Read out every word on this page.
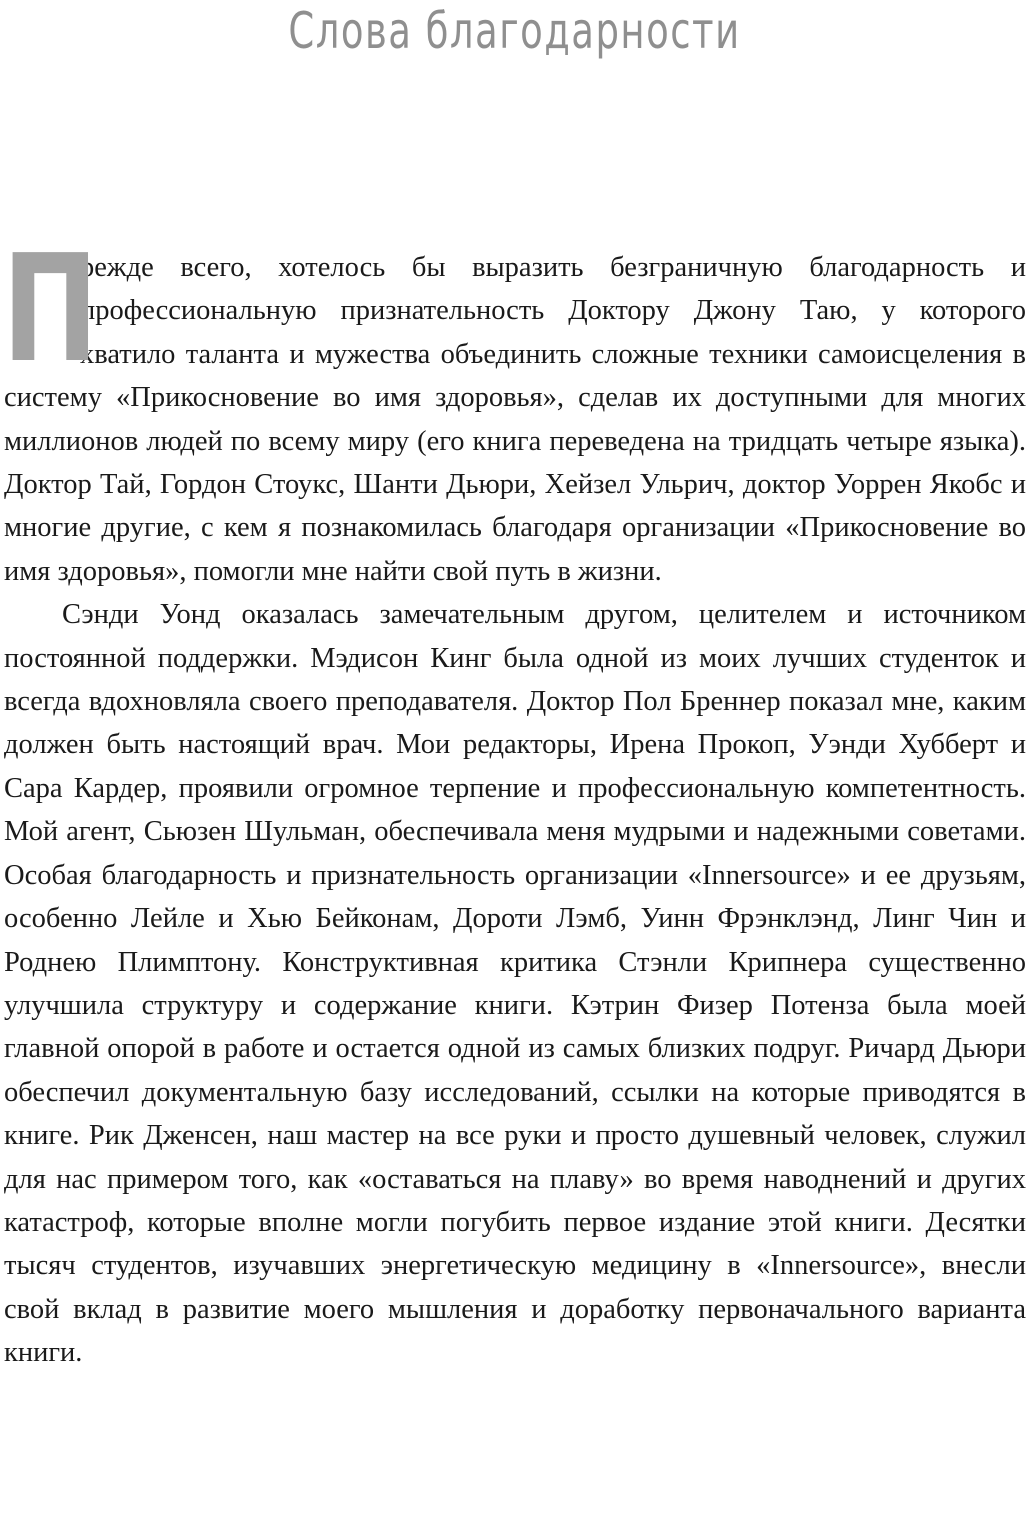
Слова благодарности

П
режде всего, хотелось бы выразить безграничную благодарность и профессиональную признательность Доктору Джону Таю, у которого хватило таланта и мужества объединить сложные техники самоисцеления в систему «Прикосновение во имя здоровья», сделав их доступными для многих миллионов людей по всему миру (его книга переведена на тридцать четыре языка). Доктор Тай, Гордон Стоукс, Шанти Дьюри, Хейзел Ульрич, доктор Уоррен Якобс и многие другие, с кем я познакомилась благодаря организации «Прикосновение во имя здоровья», помогли мне найти свой путь в жизни.

Сэнди Уонд оказалась замечательным другом, целителем и источником постоянной поддержки. Мэдисон Кинг была одной из моих лучших студенток и всегда вдохновляла своего преподавателя. Доктор Пол Бреннер показал мне, каким должен быть настоящий врач. Мои редакторы, Ирена Прокоп, Уэнди Хубберт и Сара Кардер, проявили огромное терпение и профессиональную компетентность. Мой агент, Сьюзен Шульман, обеспечивала меня мудрыми и надежными советами. Особая благодарность и признательность организации «Innersource» и ее друзьям, особенно Лейле и Хью Бейконам, Дороти Лэмб, Уинн Фрэнклэнд, Линг Чин и Роднею Плимптону. Конструктивная критика Стэнли Крипнера существенно улучшила структуру и содержание книги. Кэтрин Физер Потенза была моей главной опорой в работе и остается одной из самых близких подруг. Ричард Дьюри обеспечил документальную базу исследований, ссылки на которые приводятся в книге. Рик Дженсен, наш мастер на все руки и просто душевный человек, служил для нас примером того, как «оставаться на плаву» во время наводнений и других катастроф, которые вполне могли погубить первое издание этой книги. Десятки тысяч студентов, изучавших энергетическую медицину в «Innersource», внесли свой вклад в развитие моего мышления и доработку первоначального варианта книги.
